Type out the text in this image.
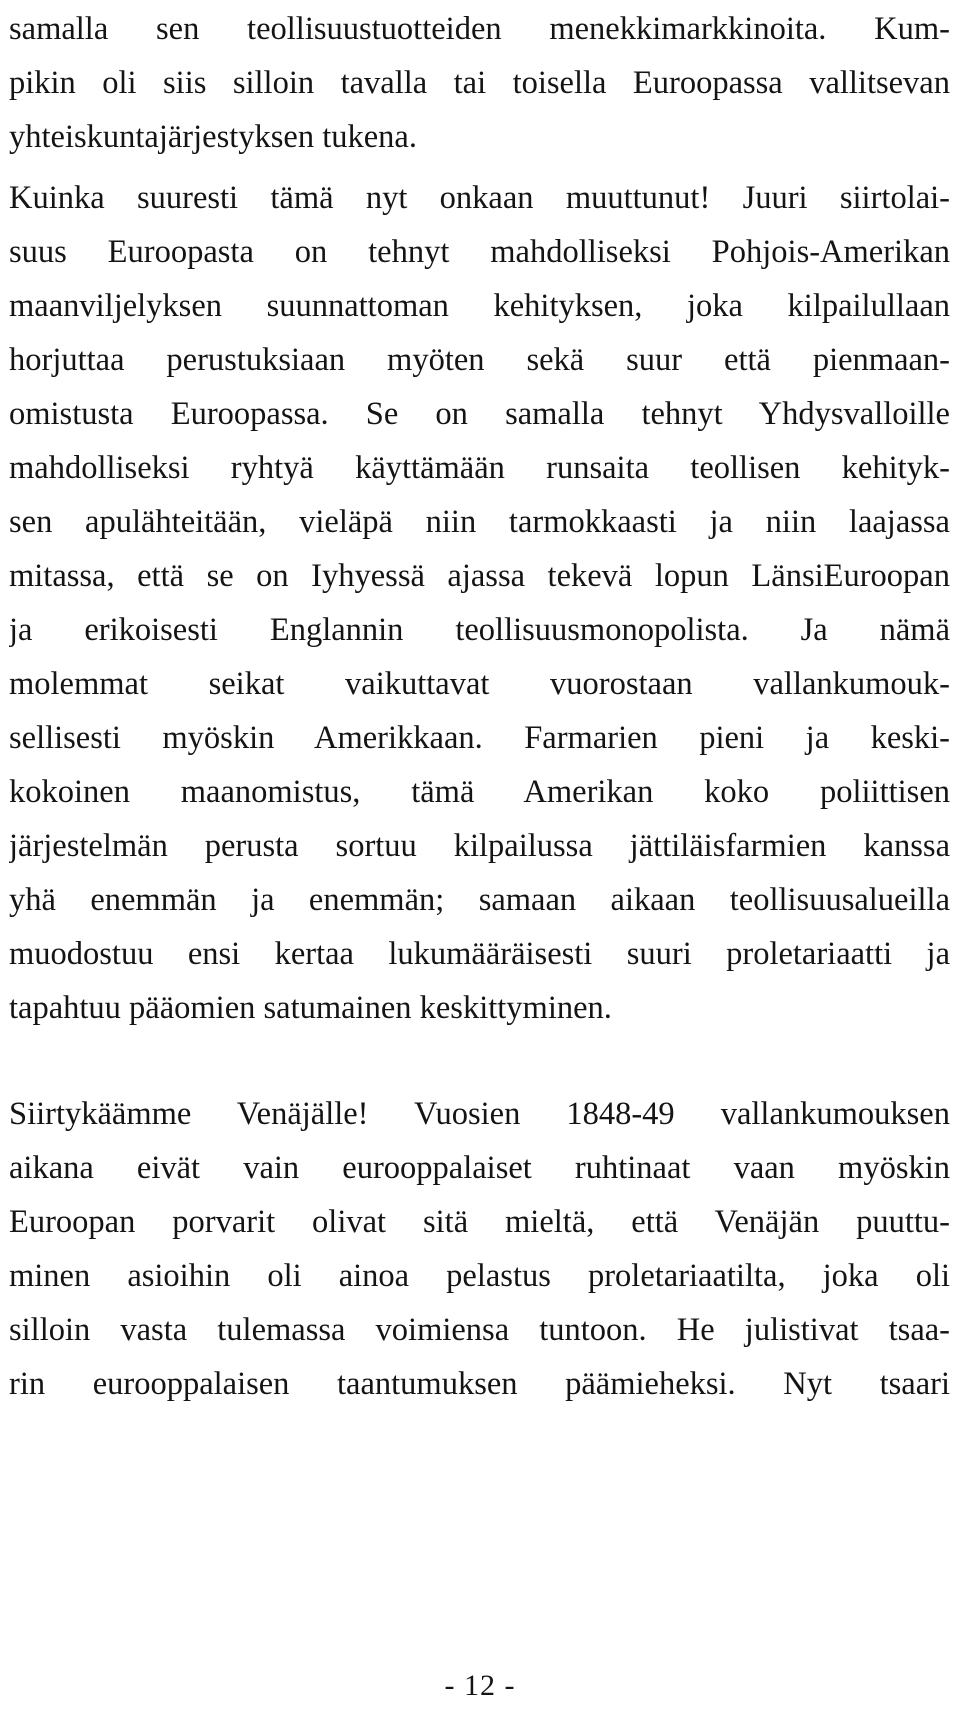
samalla sen teollisuustuotteiden menekkimarkkinoita. Kum-
pikin oli siis silloin tavalla tai toisella Euroopassa vallitsevan
yhteiskuntajärjestyksen tukena.
Kuinka suuresti tämä nyt onkaan muuttunut! Juuri siirtolai-
suus Euroopasta on tehnyt mahdolliseksi Pohjois-Amerikan
maanviljelyksen suunnattoman kehityksen, joka kilpailullaan
horjuttaa perustuksiaan myöten sekä suur että pienmaan-
omistusta Euroopassa. Se on samalla tehnyt Yhdysvalloille
mahdolliseksi ryhtyä käyttämään runsaita teollisen kehityk-
sen apulähteitään, vieläpä niin tarmokkaasti ja niin laajassa
mitassa, että se on Iyhyessä ajassa tekevä lopun LänsiEuroopan
ja erikoisesti Englannin teollisuusmonopolista. Ja nämä
molemmat seikat vaikuttavat vuorostaan vallankumouk-
sellisesti myöskin Amerikkaan. Farmarien pieni ja keski-
kokoinen maanomistus, tämä Amerikan koko poliittisen
järjestelmän perusta sortuu kilpailussa jättiläisfarmien kanssa
yhä enemmän ja enemmän; samaan aikaan teollisuusalueilla
muodostuu ensi kertaa lukumääräisesti suuri proletariaatti ja
tapahtuu pääomien satumainen keskittyminen.
Siirtykäämme Venäjälle! Vuosien 1848-49 vallankumouksen
aikana eivät vain eurooppalaiset ruhtinaat vaan myöskin
Euroopan porvarit olivat sitä mieltä, että Venäjän puuttu-
minen asioihin oli ainoa pelastus proletariaatilta, joka oli
silloin vasta tulemassa voimiensa tuntoon. He julistivat tsaa-
rin eurooppalaisen taantumuksen päämieheksi. Nyt tsaari
- 12 -
